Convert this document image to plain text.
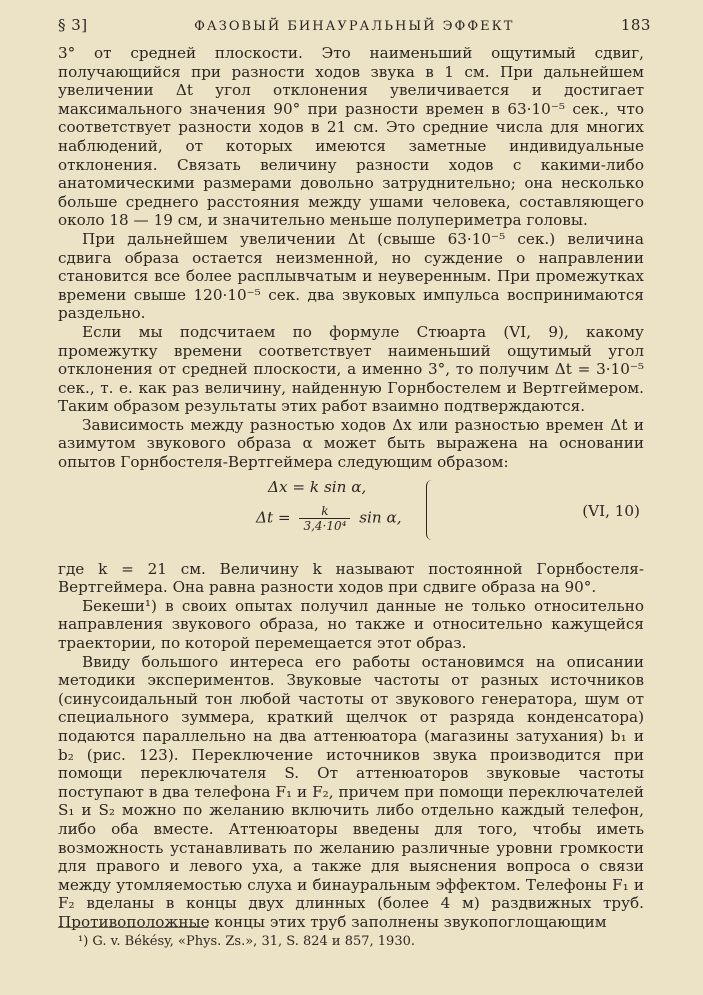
§ 3]	ФАЗОВЫЙ БИНАУРАЛЬНЫЙ ЭФФЕКТ	183

3° от средней плоскости. Это наименьший ощутимый сдвиг, получающийся при разности ходов звука в 1 см. При дальнейшем увеличении Δt угол отклонения увеличивается и достигает максимального значения 90° при разности времен в 63·10⁻⁵ сек., что соответствует разности ходов в 21 см. Это средние числа для многих наблюдений, от которых имеются заметные индивидуальные отклонения. Связать величину разности ходов с какими-либо анатомическими размерами довольно затруднительно; она несколько больше среднего расстояния между ушами человека, составляющего около 18 — 19 см, и значительно меньше полупериметра головы.

При дальнейшем увеличении Δt (свыше 63·10⁻⁵ сек.) величина сдвига образа остается неизменной, но суждение о направлении становится все более расплывчатым и неуверенным. При промежутках времени свыше 120·10⁻⁵ сек. два звуковых импульса воспринимаются раздельно.

Если мы подсчитаем по формуле Стюарта (VI, 9), какому промежутку времени соответствует наименьший ощутимый угол отклонения от средней плоскости, а именно 3°, то получим Δt = 3·10⁻⁵ сек., т. е. как раз величину, найденную Горнбостелем и Вертгеймером. Таким образом результаты этих работ взаимно подтверждаются.

Зависимость между разностью ходов Δx или разностью времен Δt и азимутом звукового образа α может быть выражена на основании опытов Горнбостеля-Вертгеймера следующим образом:

Δx = k sin α,
$\Delta t = \frac{k}{\text{3,4·10⁴}}$ sin α,	(VI, 10)

где k = 21 см. Величину k называют постоянной Горнбостеля-Вертгеймера. Она равна разности ходов при сдвиге образа на 90°.

Бекеши¹) в своих опытах получил данные не только относительно направления звукового образа, но также и относительно кажущейся траектории, по которой перемещается этот образ.

Ввиду большого интереса его работы остановимся на описании методики экспериментов. Звуковые частоты от разных источников (синусоидальный тон любой частоты от звукового генератора, шум от специального зуммера, краткий щелчок от разряда конденсатора) подаются параллельно на два аттенюатора (магазины затухания) b₁ и b₂ (рис. 123). Переключение источников звука производится при помощи переключателя S. От аттенюаторов звуковые частоты поступают в два телефона F₁ и F₂, причем при помощи переключателей S₁ и S₂ можно по желанию включить либо отдельно каждый телефон, либо оба вместе. Аттенюаторы введены для того, чтобы иметь возможность устанавливать по желанию различные уровни громкости для правого и левого уха, а также для выяснения вопроса о связи между утомляемостью слуха и бинауральным эффектом. Телефоны F₁ и F₂ вделаны в концы двух длинных (более 4 м) раздвижных труб. Противоположные концы этих труб заполнены звукопоглощающим

¹) G. v. Békésy, «Phys. Zs.», 31, S. 824 и 857, 1930.
